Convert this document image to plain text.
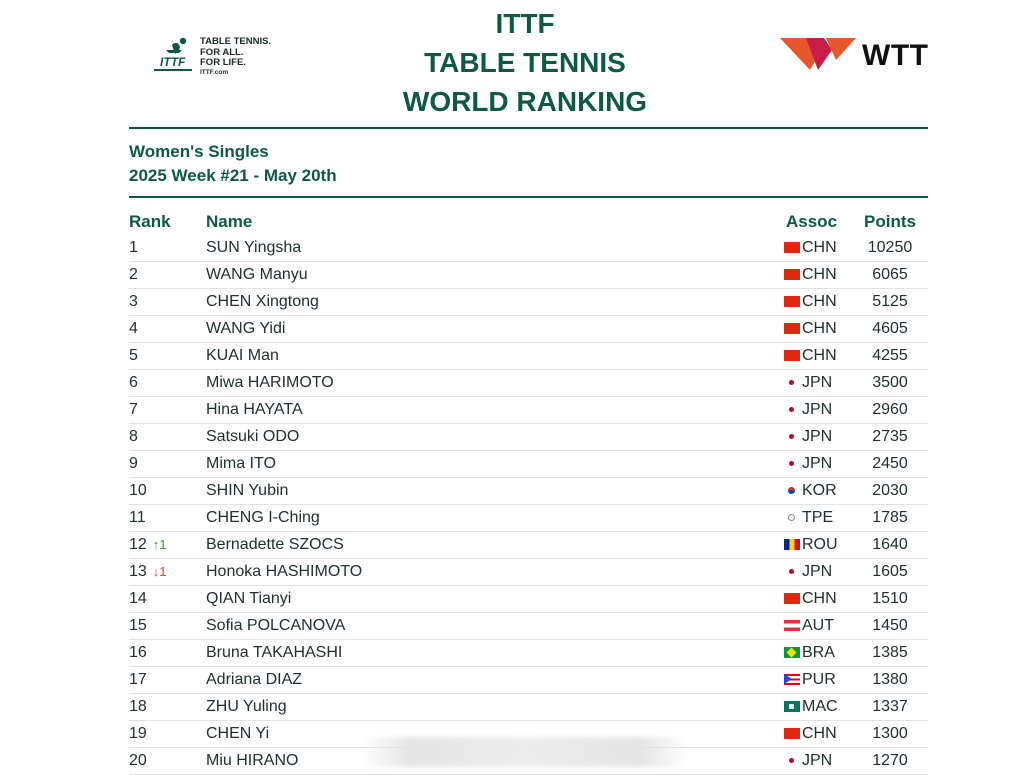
ITTF
TABLE TENNIS.
FOR ALL.
FOR LIFE.
ITTF.com
ITTF
TABLE TENNIS
WORLD RANKING
WTT
Women's Singles
2025 Week #21 - May 20th
Rank Name	Assoc Points
1	SUN Yingsha	CHN	10250
2	WANG Manyu	CHN	6065
3	CHEN Xingtong	CHN	5125
4	WANG Yidi	CHN	4605
5	KUAI Man	CHN	4255
6	Miwa HARIMOTO	JPN	3500
7	Hina HAYATA	JPN	2960
8	Satsuki ODO	JPN	2735
9	Mima ITO	JPN	2450
10	SHIN Yubin	KOR	2030
11	CHENG I-Ching	TPE	1785
12 ↑1	Bernadette SZOCS	ROU	1640
13 ↓1	Honoka HASHIMOTO	JPN	1605
14	QIAN Tianyi	CHN	1510
15	Sofia POLCANOVA	AUT	1450
16	Bruna TAKAHASHI	BRA	1385
17	Adriana DIAZ	PUR	1380
18	ZHU Yuling	MAC	1337
19	CHEN Yi	CHN	1300
20	Miu HIRANO	JPN	1270
